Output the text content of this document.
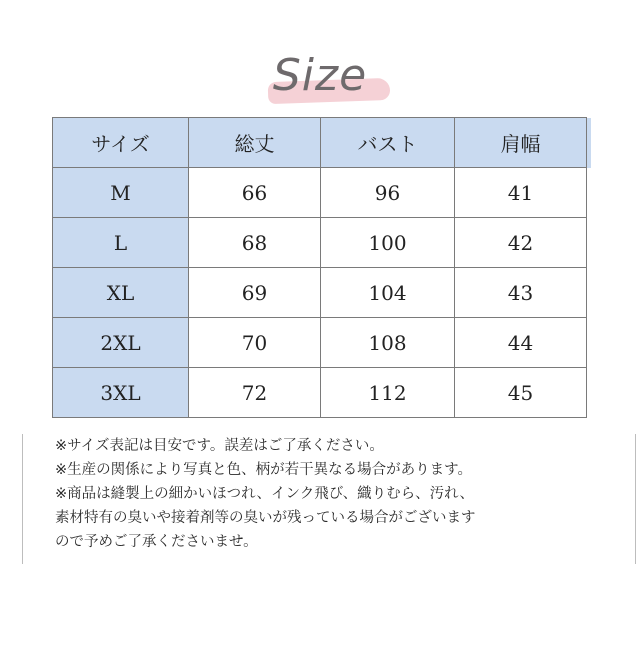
Size
サイズ	総丈	バスト	肩幅	
M	66	96	41	
L	68	100	42	
XL	69	104	43	
2XL	70	108	44	
3XL	72	112	45	
※サイズ表記は目安です。誤差はご了承ください。
※生産の関係により写真と色、柄が若干異なる場合があります。
※商品は縫製上の細かいほつれ、インク飛び、織りむら、汚れ、
素材特有の臭いや接着剤等の臭いが残っている場合がございます
ので予めご了承くださいませ。
